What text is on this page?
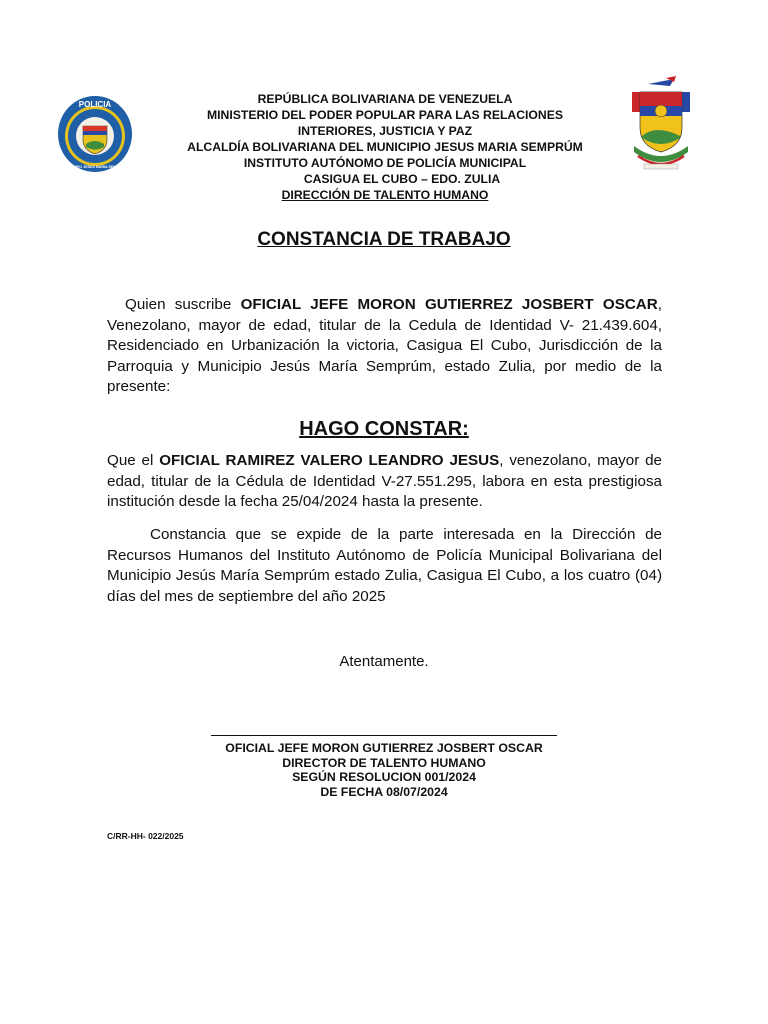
POLICIA
MUNICIPIO JESUS MARIA SEMPRUM
REPÚBLICA BOLIVARIANA DE VENEZUELA
MINISTERIO DEL PODER POPULAR PARA LAS RELACIONES
INTERIORES, JUSTICIA Y PAZ
ALCALDÍA BOLIVARIANA DEL MUNICIPIO JESUS MARIA SEMPRÚM
INSTITUTO AUTÓNOMO DE POLICÍA MUNICIPAL
CASIGUA EL CUBO – EDO. ZULIA
DIRECCIÓN DE TALENTO HUMANO
CONSTANCIA DE TRABAJO

Quien suscribe OFICIAL JEFE MORON GUTIERREZ JOSBERT OSCAR, Venezolano, mayor de edad, titular de la Cedula de Identidad V- 21.439.604, Residenciado en Urbanización la victoria, Casigua El Cubo, Jurisdicción de la Parroquia y Municipio Jesús María Semprúm, estado Zulia, por medio de la presente:

HAGO CONSTAR:

Que el OFICIAL RAMIREZ VALERO LEANDRO JESUS, venezolano, mayor de edad, titular de la Cédula de Identidad V-27.551.295, labora en esta prestigiosa institución desde la fecha 25/04/2024 hasta la presente.

Constancia que se expide de la parte interesada en la Dirección de Recursos Humanos del Instituto Autónomo de Policía Municipal Bolivariana del Municipio Jesús María Semprúm estado Zulia, Casigua El Cubo, a los cuatro (04) días del mes de septiembre del año 2025

Atentamente.
OFICIAL JEFE MORON GUTIERREZ JOSBERT OSCAR
DIRECTOR DE TALENTO HUMANO
SEGÚN RESOLUCION 001/2024
DE FECHA 08/07/2024
C/RR-HH- 022/2025
